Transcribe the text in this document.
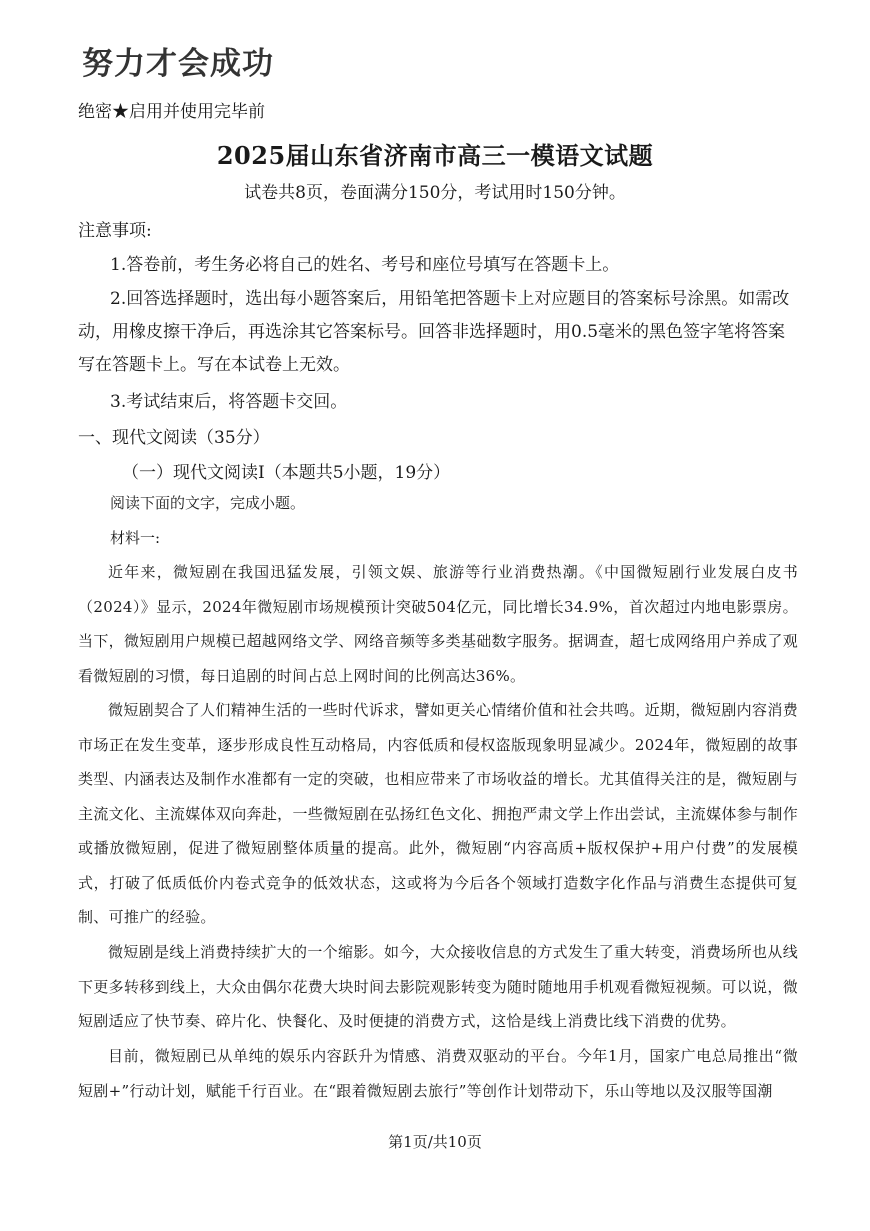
努力才会成功
绝密★启用并使用完毕前
2025届山东省济南市高三一模语文试题
试卷共8页，卷面满分150分，考试用时150分钟。
注意事项:
1.答卷前，考生务必将自己的姓名、考号和座位号填写在答题卡上。
2.回答选择题时，选出每小题答案后，用铅笔把答题卡上对应题目的答案标号涂黑。如需改动，用橡皮擦干净后，再选涂其它答案标号。回答非选择题时，用0.5毫米的黑色签字笔将答案写在答题卡上。写在本试卷上无效。
3.考试结束后，将答题卡交回。
一、现代文阅读（35分）
（一）现代文阅读Ⅰ（本题共5小题，19分）
阅读下面的文字，完成小题。
材料一:
近年来，微短剧在我国迅猛发展，引领文娱、旅游等行业消费热潮。《中国微短剧行业发展白皮书（2024）》显示，2024年微短剧市场规模预计突破504亿元，同比增长34.9%，首次超过内地电影票房。当下，微短剧用户规模已超越网络文学、网络音频等多类基础数字服务。据调查，超七成网络用户养成了观看微短剧的习惯，每日追剧的时间占总上网时间的比例高达36%。
微短剧契合了人们精神生活的一些时代诉求，譬如更关心情绪价值和社会共鸣。近期，微短剧内容消费市场正在发生变革，逐步形成良性互动格局，内容低质和侵权盗版现象明显减少。2024年，微短剧的故事类型、内涵表达及制作水准都有一定的突破，也相应带来了市场收益的增长。尤其值得关注的是，微短剧与主流文化、主流媒体双向奔赴，一些微短剧在弘扬红色文化、拥抱严肃文学上作出尝试，主流媒体参与制作或播放微短剧，促进了微短剧整体质量的提高。此外，微短剧“内容高质+版权保护+用户付费”的发展模式，打破了低质低价内卷式竞争的低效状态，这或将为今后各个领域打造数字化作品与消费生态提供可复制、可推广的经验。
微短剧是线上消费持续扩大的一个缩影。如今，大众接收信息的方式发生了重大转变，消费场所也从线下更多转移到线上，大众由偶尔花费大块时间去影院观影转变为随时随地用手机观看微短视频。可以说，微短剧适应了快节奏、碎片化、快餐化、及时便捷的消费方式，这恰是线上消费比线下消费的优势。
目前，微短剧已从单纯的娱乐内容跃升为情感、消费双驱动的平台。今年1月，国家广电总局推出“微短剧+”行动计划，赋能千行百业。在“跟着微短剧去旅行”等创作计划带动下，乐山等地以及汉服等国潮
第1页/共10页
